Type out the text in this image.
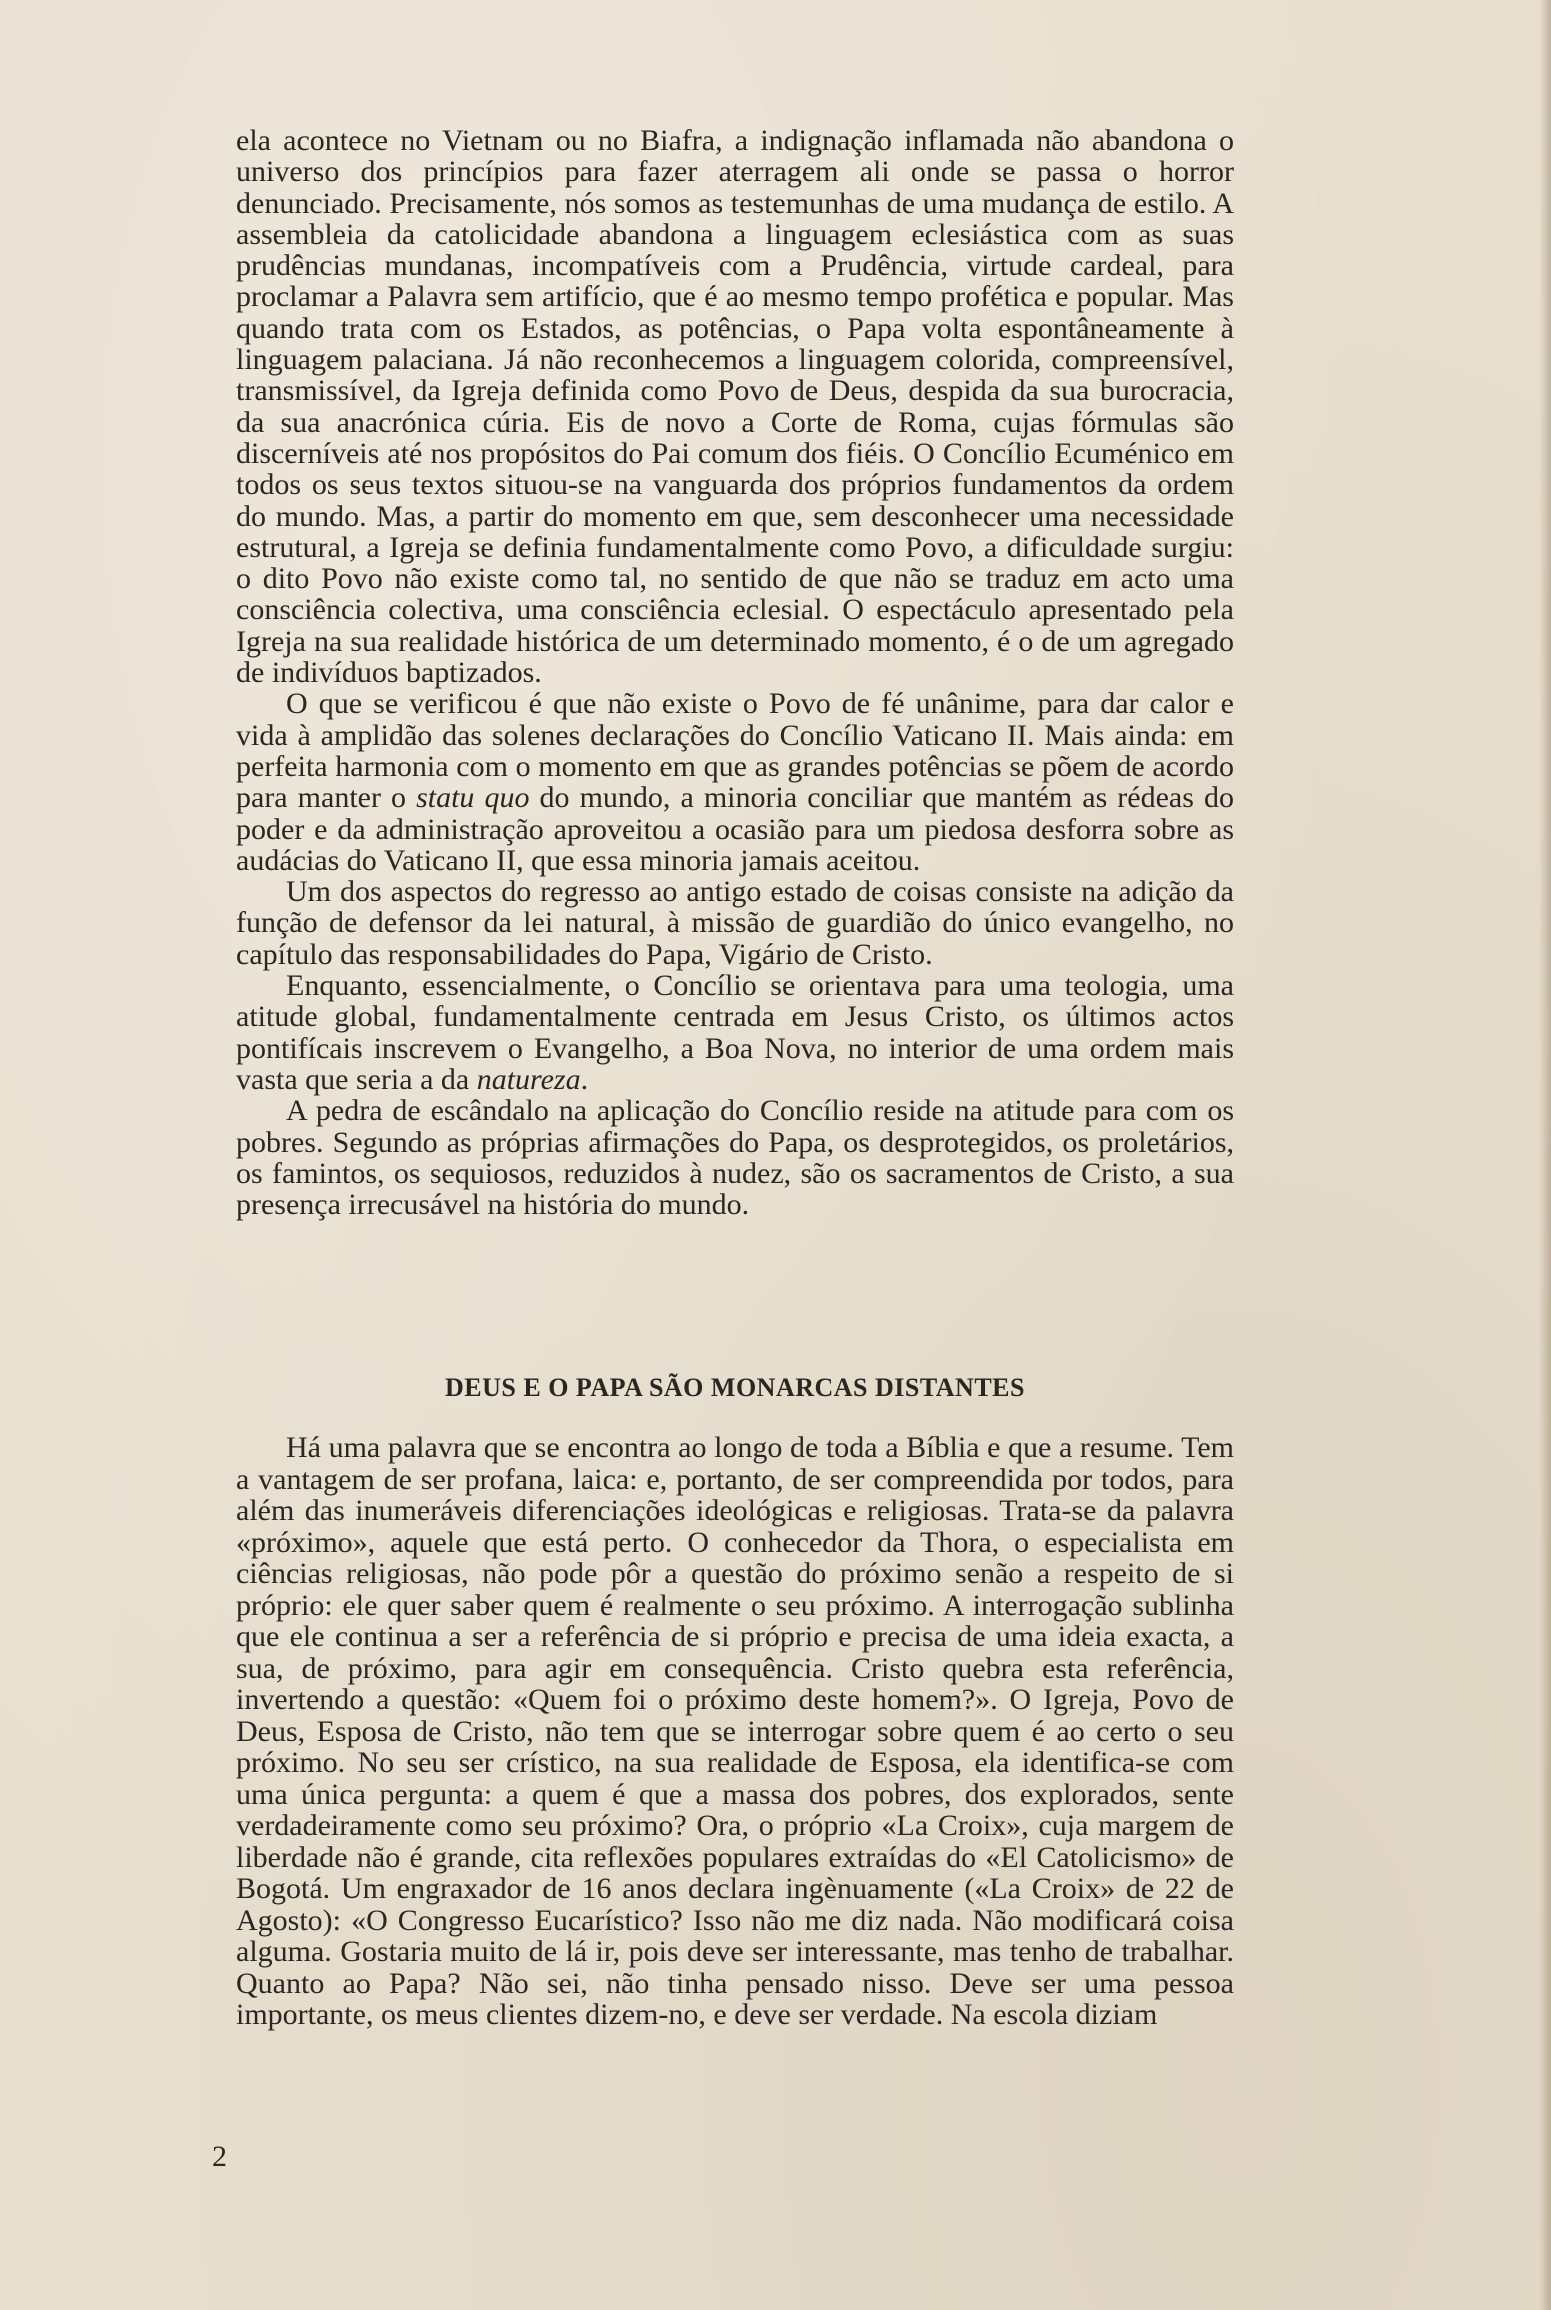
ela acontece no Vietnam ou no Biafra, a indignação inflamada não abandona o universo dos princípios para fazer aterragem ali onde se passa o horror denunciado. Precisamente, nós somos as testemunhas de uma mudança de estilo. A assembleia da catolicidade abandona a linguagem eclesiástica com as suas prudências mundanas, incompatíveis com a Prudência, virtude cardeal, para proclamar a Palavra sem artifício, que é ao mesmo tempo profética e popular. Mas quando trata com os Estados, as potências, o Papa volta espontâneamente à linguagem palaciana. Já não reconhecemos a linguagem colorida, compreensível, transmissível, da Igreja definida como Povo de Deus, despida da sua burocracia, da sua anacrónica cúria. Eis de novo a Corte de Roma, cujas fórmulas são discerníveis até nos propósitos do Pai comum dos fiéis. O Concílio Ecuménico em todos os seus textos situou-se na vanguarda dos próprios fundamentos da ordem do mundo. Mas, a partir do momento em que, sem desconhecer uma necessidade estrutural, a Igreja se definia fundamentalmente como Povo, a dificuldade surgiu: o dito Povo não existe como tal, no sentido de que não se traduz em acto uma consciência colectiva, uma consciência eclesial. O espectáculo apresentado pela Igreja na sua realidade histórica de um determinado momento, é o de um agregado de indivíduos baptizados.

O que se verificou é que não existe o Povo de fé unânime, para dar calor e vida à amplidão das solenes declarações do Concílio Vaticano II. Mais ainda: em perfeita harmonia com o momento em que as grandes potências se põem de acordo para manter o statu quo do mundo, a minoria conciliar que mantém as rédeas do poder e da administração aproveitou a ocasião para um piedosa desforra sobre as audácias do Vaticano II, que essa minoria jamais aceitou.

Um dos aspectos do regresso ao antigo estado de coisas consiste na adição da função de defensor da lei natural, à missão de guardião do único evangelho, no capítulo das responsabilidades do Papa, Vigário de Cristo.

Enquanto, essencialmente, o Concílio se orientava para uma teologia, uma atitude global, fundamentalmente centrada em Jesus Cristo, os últimos actos pontifícais inscrevem o Evangelho, a Boa Nova, no interior de uma ordem mais vasta que seria a da natureza.

A pedra de escândalo na aplicação do Concílio reside na atitude para com os pobres. Segundo as próprias afirmações do Papa, os desprotegidos, os proletários, os famintos, os sequiosos, reduzidos à nudez, são os sacramentos de Cristo, a sua presença irrecusável na história do mundo.

DEUS E O PAPA SÃO MONARCAS DISTANTES

Há uma palavra que se encontra ao longo de toda a Bíblia e que a resume. Tem a vantagem de ser profana, laica: e, portanto, de ser compreendida por todos, para além das inumeráveis diferenciações ideológicas e religiosas. Trata-se da palavra «próximo», aquele que está perto. O conhecedor da Thora, o especialista em ciências religiosas, não pode pôr a questão do próximo senão a respeito de si próprio: ele quer saber quem é realmente o seu próximo. A interrogação sublinha que ele continua a ser a referência de si próprio e precisa de uma ideia exacta, a sua, de próximo, para agir em consequência. Cristo quebra esta referência, invertendo a questão: «Quem foi o próximo deste homem?». O Igreja, Povo de Deus, Esposa de Cristo, não tem que se interrogar sobre quem é ao certo o seu próximo. No seu ser crístico, na sua realidade de Esposa, ela identifica-se com uma única pergunta: a quem é que a massa dos pobres, dos explorados, sente verdadeiramente como seu próximo? Ora, o próprio «La Croix», cuja margem de liberdade não é grande, cita reflexões populares extraídas do «El Catolicismo» de Bogotá. Um engraxador de 16 anos declara ingènuamente («La Croix» de 22 de Agosto): «O Congresso Eucarístico? Isso não me diz nada. Não modificará coisa alguma. Gostaria muito de lá ir, pois deve ser interessante, mas tenho de trabalhar. Quanto ao Papa? Não sei, não tinha pensado nisso. Deve ser uma pessoa importante, os meus clientes dizem-no, e deve ser verdade. Na escola diziam

2
